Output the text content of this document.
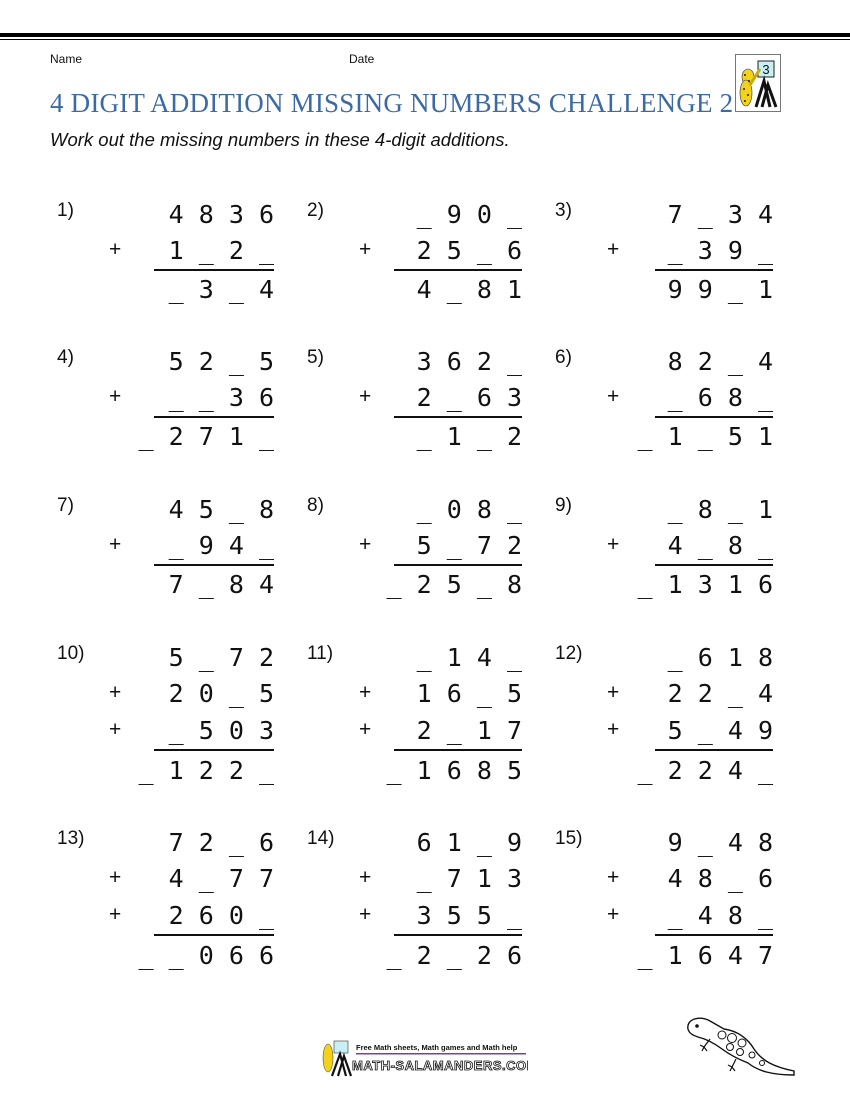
Name	Date
3
4 DIGIT ADDITION MISSING NUMBERS CHALLENGE 2
Work out the missing numbers in these 4-digit additions.
1)	4 8 3 6
+ 1 _ 2 _
_ 3 _ 4
2)	_ 9 0 _
+ 2 5 _ 6
4 _ 8 1
3)	7 _ 3 4
+ _ 3 9 _
9 9 _ 1
4)	5 2 _ 5
+ _ _ 3 6
_ 2 7 1 _
5)	3 6 2 _
+ 2 _ 6 3
_ 1 _ 2
6)	8 2 _ 4
+ _ 6 8 _
_ 1 _ 5 1
7)	4 5 _ 8
+ _ 9 4 _
7 _ 8 4
8)	_ 0 8 _
+ 5 _ 7 2
_ 2 5 _ 8
9)	_ 8 _ 1
+ 4 _ 8 _
_ 1 3 1 6
10)	5 _ 7 2
+ 2 0 _ 5
+ _ 5 0 3
_ 1 2 2 _
11)	_ 1 4 _
+ 1 6 _ 5
+ 2 _ 1 7
_ 1 6 8 5
12)	_ 6 1 8
+ 2 2 _ 4
+ 5 _ 4 9
_ 2 2 4 _
13)	7 2 _ 6
+ 4 _ 7 7
+ 2 6 0 _
_ _ 0 6 6
14)	6 1 _ 9
+ _ 7 1 3
+ 3 5 5 _
_ 2 _ 2 6
15)	9 _ 4 8
+ 4 8 _ 6
+ _ 4 8 _
_ 1 6 4 7
Free Math sheets, Math games and Math help
MATH-SALAMANDERS.COM
